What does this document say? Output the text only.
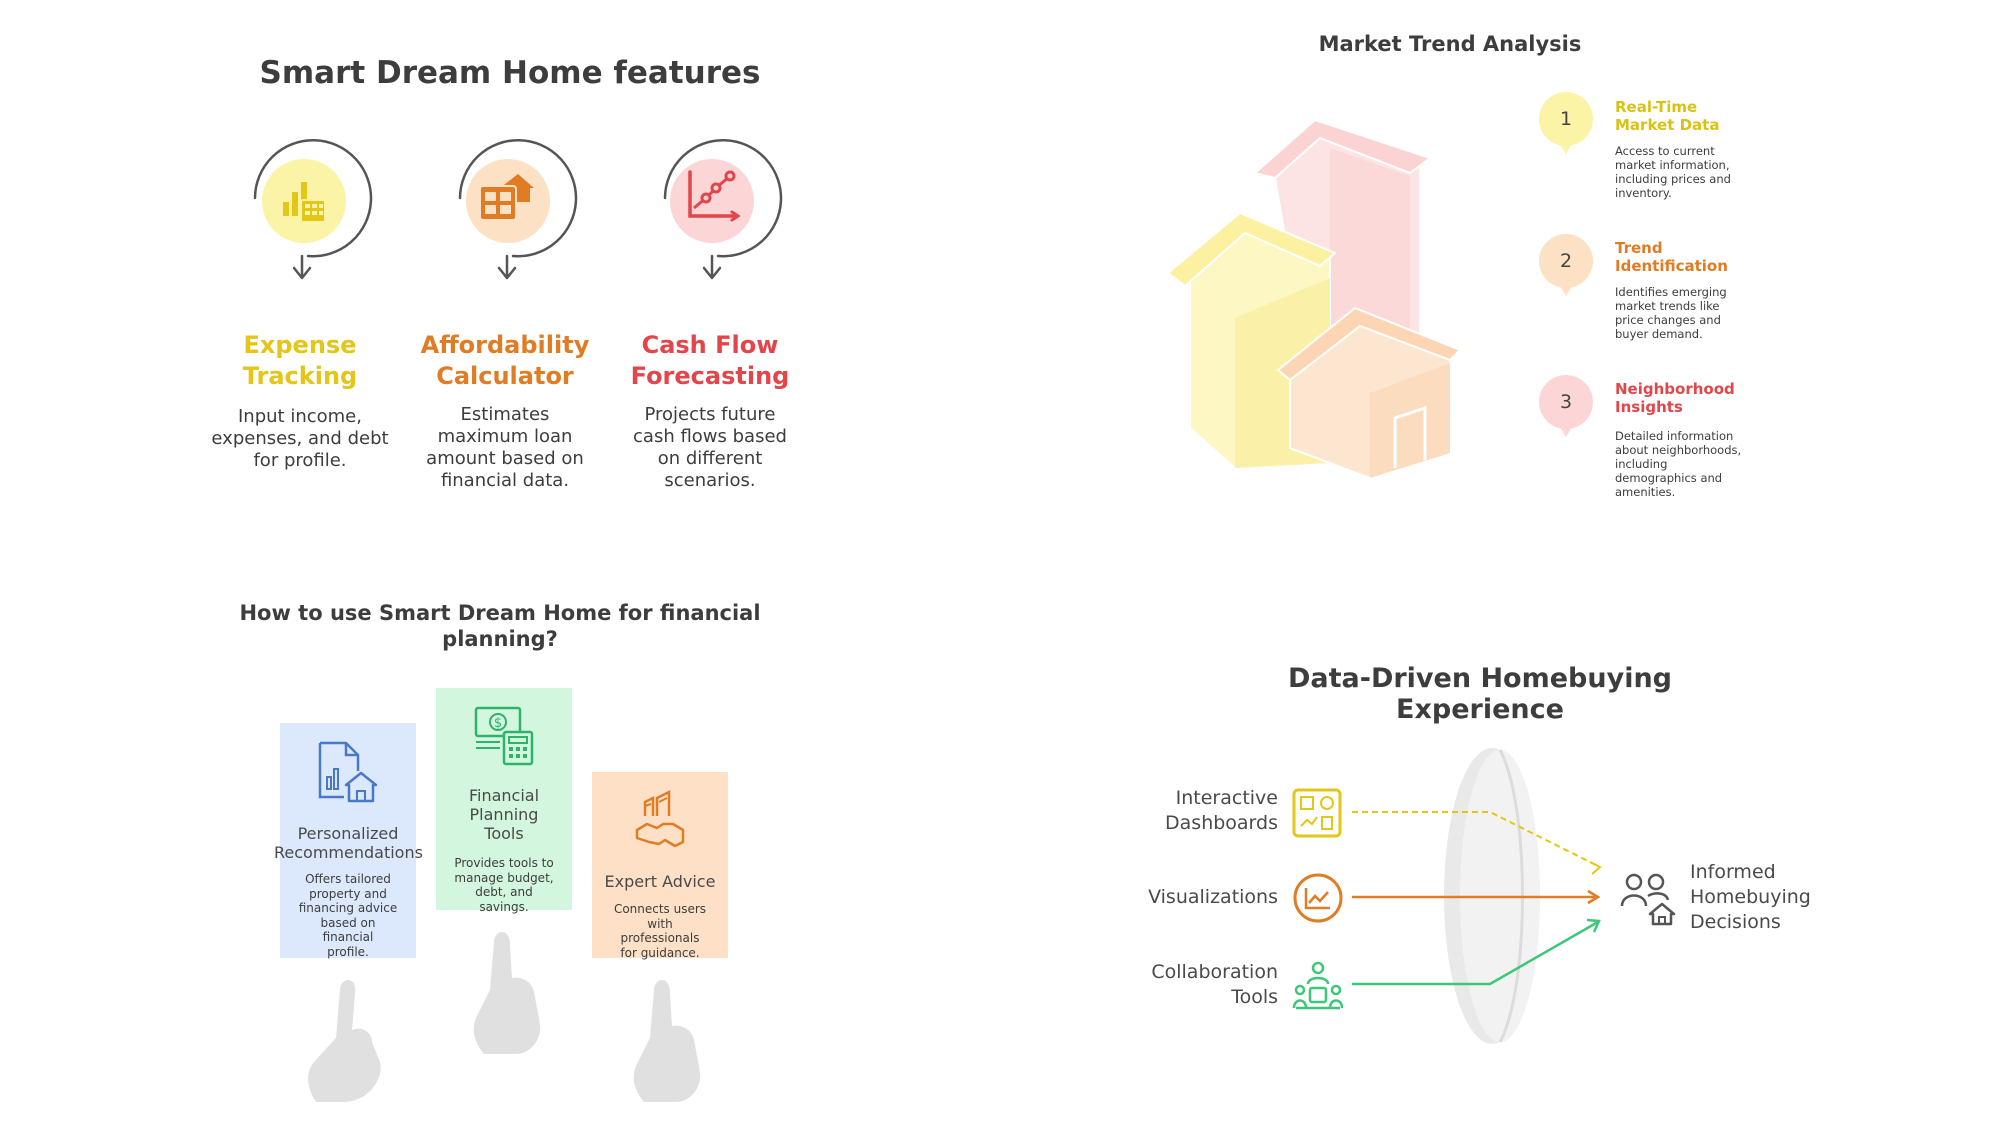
Smart Dream Home features
Expense
Tracking
Input income,
expenses, and debt
for profile.
Affordability
Calculator
Estimates
maximum loan
amount based on
financial data.
Cash Flow
Forecasting
Projects future
cash flows based
on different
scenarios.
Market Trend Analysis
1
Real-Time
Market Data
Access to current
market information,
including prices and
inventory.
2
Trend
Identification
Identifies emerging
market trends like
price changes and
buyer demand.
3
Neighborhood
Insights
Detailed information
about neighborhoods,
including
demographics and
amenities.
How to use Smart Dream Home for financial
planning?
Personalized
Recommendations
Offers tailored
property and
financing advice
based on financial
profile.
$
Financial
Planning
Tools
Provides tools to
manage budget,
debt, and savings.
Expert Advice
Connects users
with professionals
for guidance.
Data-Driven Homebuying Experience
Interactive
Dashboards
Visualizations
Collaboration
Tools
Informed
Homebuying
Decisions
